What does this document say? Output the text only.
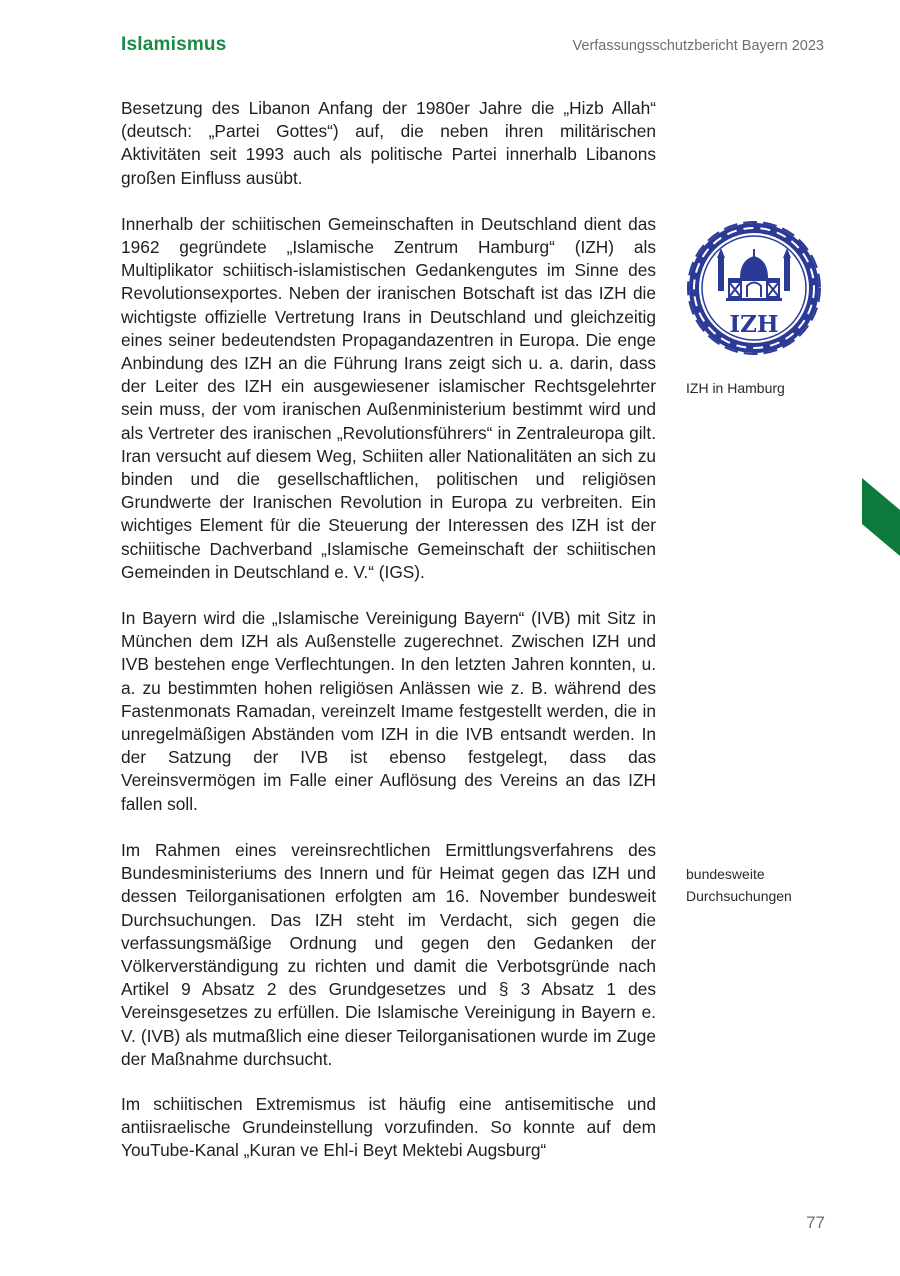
Islamismus	Verfassungsschutzbericht Bayern 2023

Besetzung des Libanon Anfang der 1980er Jahre die „Hizb Allah“ (deutsch: „Partei Gottes“) auf, die neben ihren militärischen Aktivitäten seit 1993 auch als politische Partei innerhalb Libanons großen Einfluss ausübt.

Innerhalb der schiitischen Gemeinschaften in Deutschland dient das 1962 gegründete „Islamische Zentrum Hamburg“ (IZH) als Multiplikator schiitisch-islamistischen Gedankengutes im Sinne des Revolutionsexportes. Neben der iranischen Botschaft ist das IZH die wichtigste offizielle Vertretung Irans in Deutschland und gleichzeitig eines seiner bedeutendsten Propagandazentren in Europa. Die enge Anbindung des IZH an die Führung Irans zeigt sich u. a. darin, dass der Leiter des IZH ein ausgewiesener islamischer Rechtsgelehrter sein muss, der vom iranischen Außenministerium bestimmt wird und als Vertreter des iranischen „Revolutionsführers“ in Zentraleuropa gilt. Iran versucht auf diesem Weg, Schiiten aller Nationalitäten an sich zu binden und die gesellschaftlichen, politischen und religiösen Grundwerte der Iranischen Revolution in Europa zu verbreiten. Ein wichtiges Element für die Steuerung der Interessen des IZH ist der schiitische Dachverband „Islamische Gemeinschaft der schiitischen Gemeinden in Deutschland e. V.“ (IGS).

In Bayern wird die „Islamische Vereinigung Bayern“ (IVB) mit Sitz in München dem IZH als Außenstelle zugerechnet. Zwischen IZH und IVB bestehen enge Verflechtungen. In den letzten Jahren konnten, u. a. zu bestimmten hohen religiösen Anlässen wie z. B. während des Fastenmonats Ramadan, vereinzelt Imame festgestellt werden, die in unregelmäßigen Abständen vom IZH in die IVB entsandt werden. In der Satzung der IVB ist ebenso festgelegt, dass das Vereinsvermögen im Falle einer Auflösung des Vereins an das IZH fallen soll.

Im Rahmen eines vereinsrechtlichen Ermittlungsverfahrens des Bundesministeriums des Innern und für Heimat gegen das IZH und dessen Teilorganisationen erfolgten am 16. November bundesweit Durchsuchungen. Das IZH steht im Verdacht, sich gegen die verfassungsmäßige Ordnung und gegen den Gedanken der Völkerverständigung zu richten und damit die Verbotsgründe nach Artikel 9 Absatz 2 des Grundgesetzes und § 3 Absatz 1 des Vereinsgesetzes zu erfüllen. Die Islamische Vereinigung in Bayern e. V. (IVB) als mutmaßlich eine dieser Teilorganisationen wurde im Zuge der Maßnahme durchsucht.

Im schiitischen Extremismus ist häufig eine antisemitische und antiisraelische Grundeinstellung vorzufinden. So konnte auf dem YouTube-Kanal „Kuran ve Ehl-i Beyt Mektebi Augsburg“

IZH
IZH in Hamburg
bundesweite Durchsuchungen
77
